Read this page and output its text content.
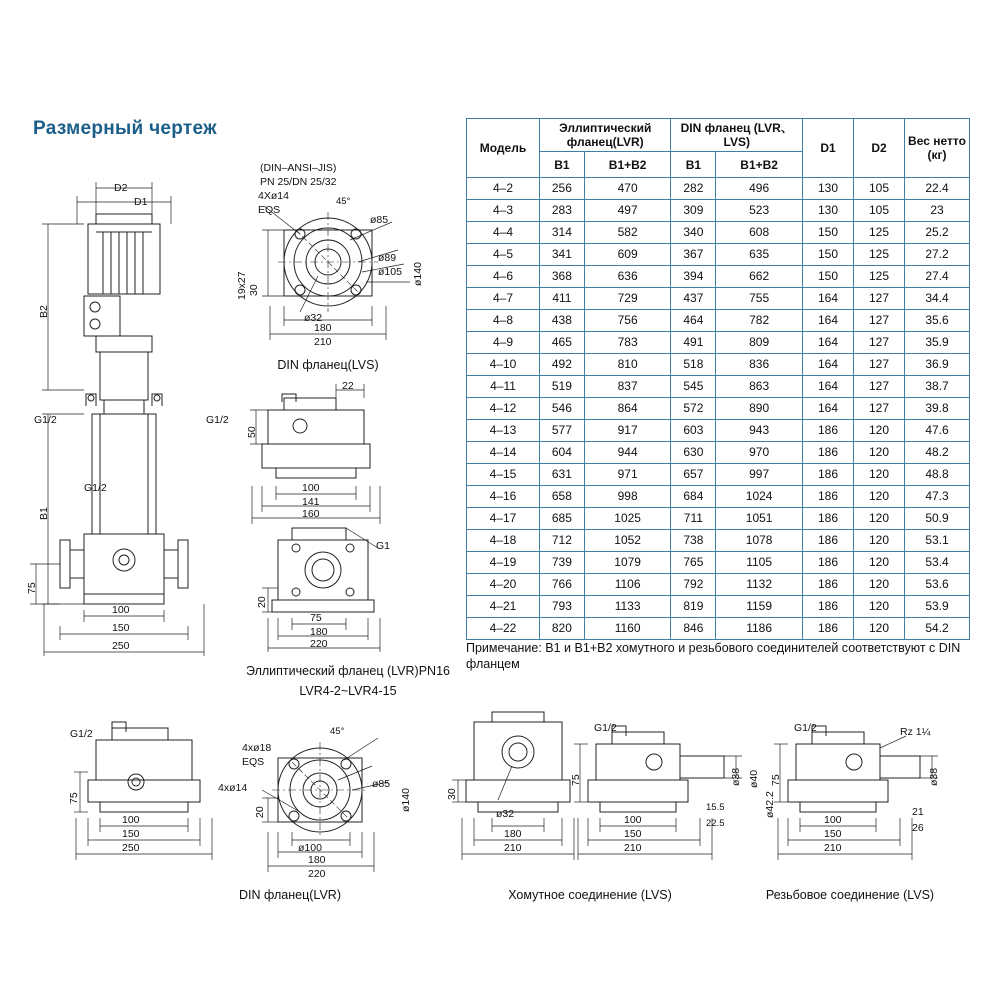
Размерный чертеж
Модель	Эллиптический фланец(LVR)		DIN фланец (LVR、 LVS)		D1	D2	Вес нетто (кг)
	B1	B1+B2	B1	B1+B2			
4–2	256	470	282	496	130	105	22.4
4–3	283	497	309	523	130	105	23
4–4	314	582	340	608	150	125	25.2
4–5	341	609	367	635	150	125	27.2
4–6	368	636	394	662	150	125	27.4
4–7	411	729	437	755	164	127	34.4
4–8	438	756	464	782	164	127	35.6
4–9	465	783	491	809	164	127	35.9
4–10	492	810	518	836	164	127	36.9
4–11	519	837	545	863	164	127	38.7
4–12	546	864	572	890	164	127	39.8
4–13	577	917	603	943	186	120	47.6
4–14	604	944	630	970	186	120	48.2
4–15	631	971	657	997	186	120	48.8
4–16	658	998	684	1024	186	120	47.3
4–17	685	1025	711	1051	186	120	50.9
4–18	712	1052	738	1078	186	120	53.1
4–19	739	1079	765	1105	186	120	53.4
4–20	766	1106	792	1132	186	120	53.6
4–21	793	1133	819	1159	186	120	53.9
4–22	820	1160	846	1186	186	120	54.2
Примечание: B1 и B1+B2 хомутного и резьбового соединителей соответствуют с DIN фланцем
D2
D1
B2
B1
75
100
150
250
G1/2	G1/2
G1/2
(DIN–ANSI–JIS)
PN 25/DN 25/32
4Хø14
EQS
45°
ø85
ø89
ø105 ø140
ø32
30
19х27
180
210
DIN фланец(LVS)
22
50
100
141
160
G1
20
75
180
220
Эллиптический фланец (LVR)PN16
LVR4-2~LVR4-15
G1/2
75
100
150
250
4хø18
EQS
45°
4хø14
ø140
ø85
ø100
20
180
220
DIN фланец(LVR)
30
ø32
180
210
G1/2
75	ø38 ø40
15.5
22.5
ø42.2
100
150
210
Хомутное соединение (LVS)
G1/2	Rz 1¼
75	ø38
21
26
100
150
210
Резьбовое соединение (LVS)
